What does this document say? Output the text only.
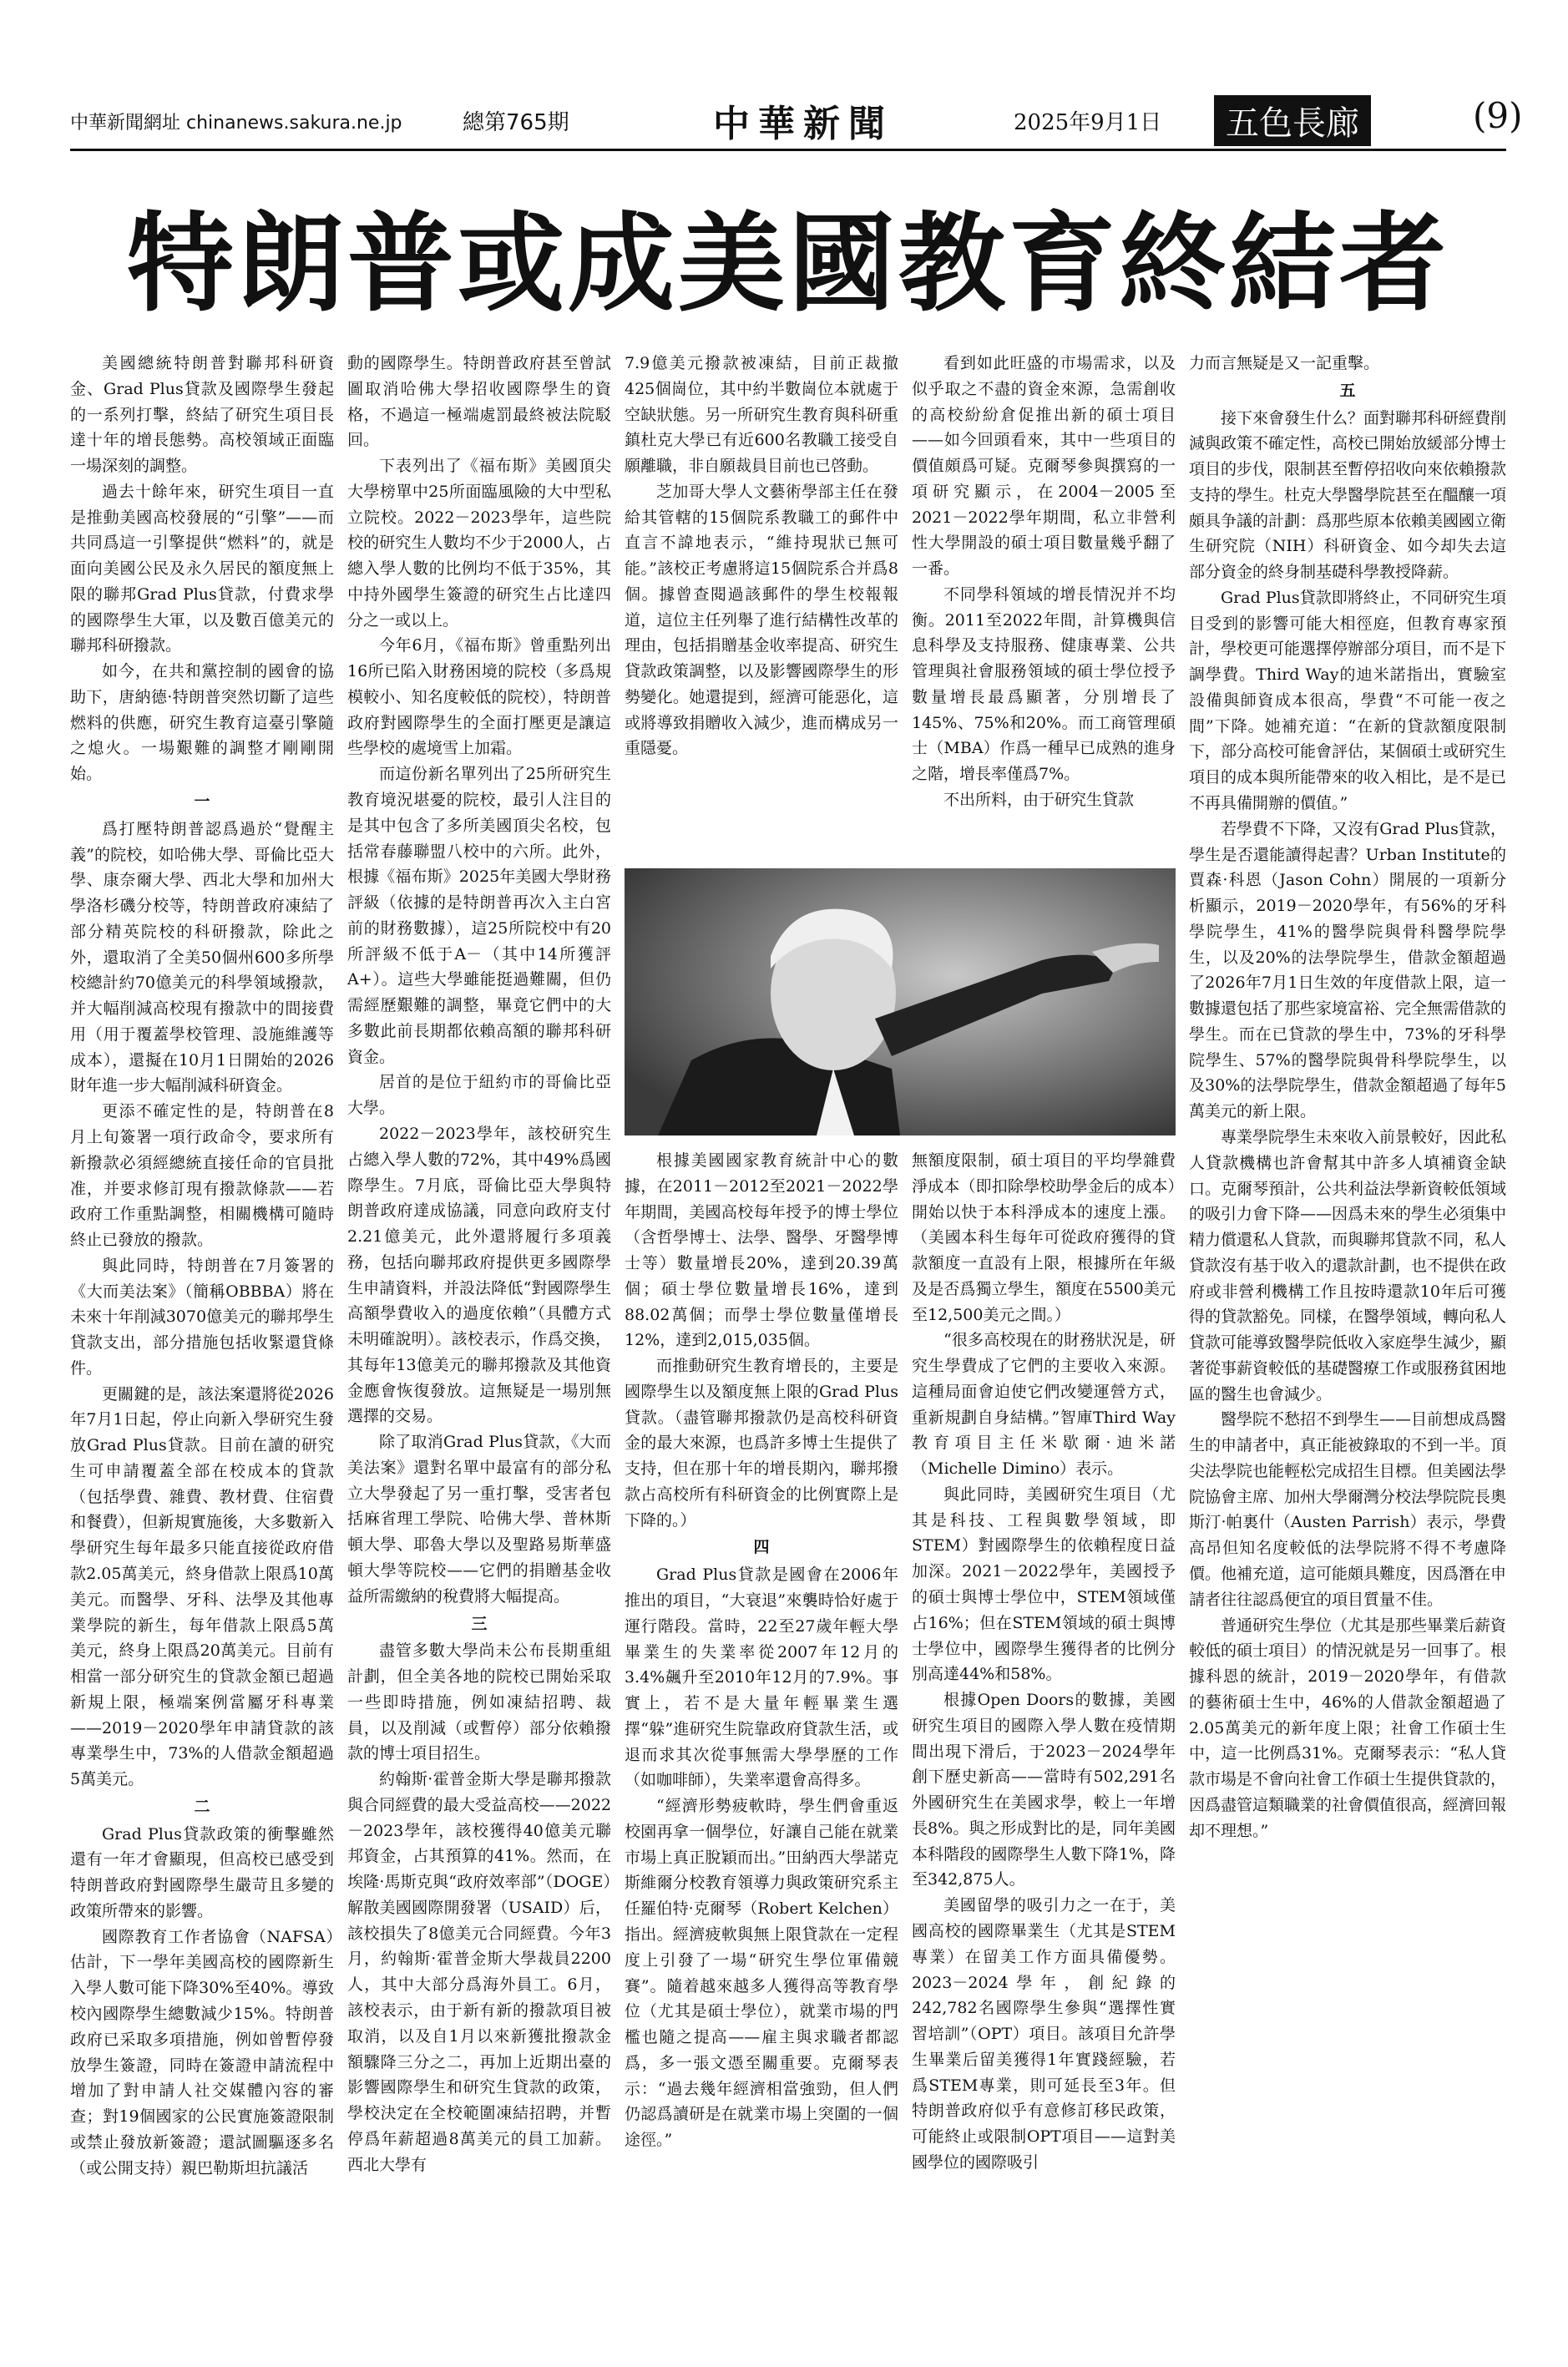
中華新聞網址 chinanews.sakura.ne.jp	總第765期	中華新聞	2025年9月1日	五色長廊	(9)
特朗普或成美國教育終結者

美國總統特朗普對聯邦科研資金、Grad Plus貸款及國際學生發起的一系列打擊，終結了研究生項目長達十年的增長態勢。高校領域正面臨一場深刻的調整。

過去十餘年來，研究生項目一直是推動美國高校發展的“引擎”——而共同爲這一引擎提供“燃料”的，就是面向美國公民及永久居民的額度無上限的聯邦Grad Plus貸款，付費求學的國際學生大軍，以及數百億美元的聯邦科研撥款。

如今，在共和黨控制的國會的協助下，唐納德·特朗普突然切斷了這些燃料的供應，研究生教育這臺引擎隨之熄火。一場艱難的調整才剛剛開始。

一

爲打壓特朗普認爲過於“覺醒主義”的院校，如哈佛大學、哥倫比亞大學、康奈爾大學、西北大學和加州大學洛杉磯分校等，特朗普政府凍結了部分精英院校的科研撥款，除此之外，還取消了全美50個州600多所學校總計約70億美元的科學領域撥款，并大幅削減高校現有撥款中的間接費用（用于覆蓋學校管理、設施維護等成本），還擬在10月1日開始的2026財年進一步大幅削減科研資金。

更添不確定性的是，特朗普在8月上旬簽署一項行政命令，要求所有新撥款必須經總統直接任命的官員批准，并要求修訂現有撥款條款——若政府工作重點調整，相關機構可隨時終止已發放的撥款。

與此同時，特朗普在7月簽署的《大而美法案》（簡稱OBBBA）將在未來十年削減3070億美元的聯邦學生貸款支出，部分措施包括收緊還貸條件。

更關鍵的是，該法案還將從2026年7月1日起，停止向新入學研究生發放Grad Plus貸款。目前在讀的研究生可申請覆蓋全部在校成本的貸款（包括學費、雜費、教材費、住宿費和餐費），但新規實施後，大多數新入學研究生每年最多只能直接從政府借款2.05萬美元，終身借款上限爲10萬美元。而醫學、牙科、法學及其他專業學院的新生，每年借款上限爲5萬美元，終身上限爲20萬美元。目前有相當一部分研究生的貸款金額已超過新規上限，極端案例當屬牙科專業——2019－2020學年申請貸款的該專業學生中，73%的人借款金額超過5萬美元。

二

Grad Plus貸款政策的衝擊雖然還有一年才會顯現，但高校已感受到特朗普政府對國際學生嚴苛且多變的政策所帶來的影響。

國際教育工作者協會（NAFSA）估計，下一學年美國高校的國際新生入學人數可能下降30%至40%。導致校內國際學生總數減少15%。特朗普政府已采取多項措施，例如曾暫停發放學生簽證，同時在簽證申請流程中增加了對申請人社交媒體內容的審查；對19個國家的公民實施簽證限制或禁止發放新簽證；還試圖驅逐多名（或公開支持）親巴勒斯坦抗議活

動的國際學生。特朗普政府甚至曾試圖取消哈佛大學招收國際學生的資格，不過這一極端處罰最終被法院駁回。

下表列出了《福布斯》美國頂尖大學榜單中25所面臨風險的大中型私立院校。2022－2023學年，這些院校的研究生人數均不少于2000人，占總入學人數的比例均不低于35%，其中持外國學生簽證的研究生占比達四分之一或以上。

今年6月，《福布斯》曾重點列出16所已陷入財務困境的院校（多爲規模較小、知名度較低的院校），特朗普政府對國際學生的全面打壓更是讓這些學校的處境雪上加霜。

而這份新名單列出了25所研究生教育境況堪憂的院校，最引人注目的是其中包含了多所美國頂尖名校，包括常春藤聯盟八校中的六所。此外，根據《福布斯》2025年美國大學財務評級（依據的是特朗普再次入主白宮前的財務數據），這25所院校中有20所評級不低于A－（其中14所獲評A+）。這些大學雖能挺過難關，但仍需經歷艱難的調整，畢竟它們中的大多數此前長期都依賴高額的聯邦科研資金。

居首的是位于紐約市的哥倫比亞大學。

2022－2023學年，該校研究生占總入學人數的72%，其中49%爲國際學生。7月底，哥倫比亞大學與特朗普政府達成協議，同意向政府支付2.21億美元，此外還將履行多項義務，包括向聯邦政府提供更多國際學生申請資料，并設法降低“對國際學生高額學費收入的過度依賴”（具體方式未明確說明）。該校表示，作爲交換，其每年13億美元的聯邦撥款及其他資金應會恢復發放。這無疑是一場別無選擇的交易。

除了取消Grad Plus貸款，《大而美法案》還對名單中最富有的部分私立大學發起了另一重打擊，受害者包括麻省理工學院、哈佛大學、普林斯頓大學、耶魯大學以及聖路易斯華盛頓大學等院校——它們的捐贈基金收益所需繳納的稅費將大幅提高。

三

盡管多數大學尚未公布長期重組計劃，但全美各地的院校已開始采取一些即時措施，例如凍結招聘、裁員，以及削減（或暫停）部分依賴撥款的博士項目招生。

約翰斯·霍普金斯大學是聯邦撥款與合同經費的最大受益高校——2022－2023學年，該校獲得40億美元聯邦資金，占其預算的41%。然而，在埃隆·馬斯克與“政府效率部”（DOGE）解散美國國際開發署（USAID）后，該校損失了8億美元合同經費。今年3月，約翰斯·霍普金斯大學裁員2200人，其中大部分爲海外員工。6月，該校表示，由于新有新的撥款項目被取消，以及自1月以來新獲批撥款金額驟降三分之二，再加上近期出臺的影響國際學生和研究生貸款的政策，學校決定在全校範圍凍結招聘，并暫停爲年薪超過8萬美元的員工加薪。西北大學有

7.9億美元撥款被凍結，目前正裁撤425個崗位，其中約半數崗位本就處于空缺狀態。另一所研究生教育與科研重鎮杜克大學已有近600名教職工接受自願離職，非自願裁員目前也已啓動。

芝加哥大學人文藝術學部主任在發給其管轄的15個院系教職工的郵件中直言不諱地表示，“維持現狀已無可能。”該校正考慮將這15個院系合并爲8個。據曾查閱過該郵件的學生校報報道，這位主任列舉了進行結構性改革的理由，包括捐贈基金收率提高、研究生貸款政策調整，以及影響國際學生的形勢變化。她還提到，經濟可能惡化，這或將導致捐贈收入減少，進而構成另一重隱憂。

看到如此旺盛的市場需求，以及似乎取之不盡的資金來源，急需創收的高校紛紛倉促推出新的碩士項目——如今回頭看來，其中一些項目的價值頗爲可疑。克爾琴參與撰寫的一項研究顯示，在2004－2005至2021－2022學年期間，私立非營利性大學開設的碩士項目數量幾乎翻了一番。

不同學科領域的增長情況并不均衡。2011至2022年間，計算機與信息科學及支持服務、健康專業、公共管理與社會服務領域的碩士學位授予數量增長最爲顯著，分別增長了145%、75%和20%。而工商管理碩士（MBA）作爲一種早已成熟的進身之階，增長率僅爲7%。

不出所料，由于研究生貸款

根據美國國家教育統計中心的數據，在2011－2012至2021－2022學年期間，美國高校每年授予的博士學位（含哲學博士、法學、醫學、牙醫學博士等）數量增長20%，達到20.39萬個；碩士學位數量增長16%，達到88.02萬個；而學士學位數量僅增長12%，達到2,015,035個。

而推動研究生教育增長的，主要是國際學生以及額度無上限的Grad Plus貸款。（盡管聯邦撥款仍是高校科研資金的最大來源，也爲許多博士生提供了支持，但在那十年的增長期內，聯邦撥款占高校所有科研資金的比例實際上是下降的。）

四

Grad Plus貸款是國會在2006年推出的項目，“大衰退”來襲時恰好處于運行階段。當時，22至27歲年輕大學畢業生的失業率從2007年12月的3.4%飆升至2010年12月的7.9%。事實上，若不是大量年輕畢業生選擇“躲”進研究生院靠政府貸款生活，或退而求其次從事無需大學學歷的工作（如咖啡師），失業率還會高得多。

“經濟形勢疲軟時，學生們會重返校園再拿一個學位，好讓自己能在就業市場上真正脫穎而出。”田納西大學諾克斯維爾分校教育領導力與政策研究系主任羅伯特·克爾琴（Robert Kelchen）指出。經濟疲軟與無上限貸款在一定程度上引發了一場“研究生學位軍備競賽”。隨着越來越多人獲得高等教育學位（尤其是碩士學位），就業市場的門檻也隨之提高——雇主與求職者都認爲，多一張文憑至關重要。克爾琴表示：“過去幾年經濟相當強勁，但人們仍認爲讀研是在就業市場上突圍的一個途徑。”

無額度限制，碩士項目的平均學雜費淨成本（即扣除學校助學金后的成本）開始以快于本科淨成本的速度上漲。（美國本科生每年可從政府獲得的貸款額度一直設有上限，根據所在年級及是否爲獨立學生，額度在5500美元至12,500美元之間。）

“很多高校現在的財務狀況是，研究生學費成了它們的主要收入來源。這種局面會迫使它們改變運營方式，重新規劃自身結構。”智庫Third Way教育項目主任米歇爾·迪米諾（Michelle Dimino）表示。

與此同時，美國研究生項目（尤其是科技、工程與數學領域，即STEM）對國際學生的依賴程度日益加深。2021－2022學年，美國授予的碩士與博士學位中，STEM領域僅占16%；但在STEM領域的碩士與博士學位中，國際學生獲得者的比例分別高達44%和58%。

根據Open Doors的數據，美國研究生項目的國際入學人數在疫情期間出現下滑后，于2023－2024學年創下歷史新高——當時有502,291名外國研究生在美國求學，較上一年增長8%。與之形成對比的是，同年美國本科階段的國際學生人數下降1%，降至342,875人。

美國留學的吸引力之一在于，美國高校的國際畢業生（尤其是STEM專業）在留美工作方面具備優勢。2023－2024學年，創紀錄的242,782名國際學生參與“選擇性實習培訓”（OPT）項目。該項目允許學生畢業后留美獲得1年實踐經驗，若爲STEM專業，則可延長至3年。但特朗普政府似乎有意修訂移民政策，可能終止或限制OPT項目——這對美國學位的國際吸引

力而言無疑是又一記重擊。

五

接下來會發生什么？面對聯邦科研經費削減與政策不確定性，高校已開始放緩部分博士項目的步伐，限制甚至暫停招收向來依賴撥款支持的學生。杜克大學醫學院甚至在醞釀一項頗具争議的計劃：爲那些原本依賴美國國立衛生研究院（NIH）科研資金、如今却失去這部分資金的終身制基礎科學教授降薪。

Grad Plus貸款即將終止，不同研究生項目受到的影響可能大相徑庭，但教育專家預計，學校更可能選擇停辦部分項目，而不是下調學費。Third Way的迪米諾指出，實驗室設備與師資成本很高，學費“不可能一夜之間”下降。她補充道：“在新的貸款額度限制下，部分高校可能會評估，某個碩士或研究生項目的成本與所能帶來的收入相比，是不是已不再具備開辦的價值。”

若學費不下降，又沒有Grad Plus貸款，學生是否還能讀得起書？Urban Institute的賈森·科恩（Jason Cohn）開展的一項新分析顯示，2019－2020學年，有56%的牙科學院學生，41%的醫學院與骨科醫學院學生，以及20%的法學院學生，借款金額超過了2026年7月1日生效的年度借款上限，這一數據還包括了那些家境富裕、完全無需借款的學生。而在已貸款的學生中，73%的牙科學院學生、57%的醫學院與骨科學院學生，以及30%的法學院學生，借款金額超過了每年5萬美元的新上限。

專業學院學生未來收入前景較好，因此私人貸款機構也許會幫其中許多人填補資金缺口。克爾琴預計，公共利益法學新資較低領域的吸引力會下降——因爲未來的學生必須集中精力償還私人貸款，而與聯邦貸款不同，私人貸款沒有基于收入的還款計劃，也不提供在政府或非營利機構工作且按時還款10年后可獲得的貸款豁免。同樣，在醫學領域，轉向私人貸款可能導致醫學院低收入家庭學生減少，顯著從事薪資較低的基礎醫療工作或服務貧困地區的醫生也會減少。

醫學院不愁招不到學生——目前想成爲醫生的申請者中，真正能被錄取的不到一半。頂尖法學院也能輕松完成招生目標。但美國法學院協會主席、加州大學爾灣分校法學院院長奧斯汀·帕裏什（Austen Parrish）表示，學費高昂但知名度較低的法學院將不得不考慮降價。他補充道，這可能頗具難度，因爲潛在申請者往往認爲便宜的項目質量不佳。

普通研究生學位（尤其是那些畢業后薪資較低的碩士項目）的情況就是另一回事了。根據科恩的統計，2019－2020學年，有借款的藝術碩士生中，46%的人借款金額超過了2.05萬美元的新年度上限；社會工作碩士生中，這一比例爲31%。克爾琴表示：“私人貸款市場是不會向社會工作碩士生提供貸款的，因爲盡管這類職業的社會價值很高，經濟回報却不理想。”
